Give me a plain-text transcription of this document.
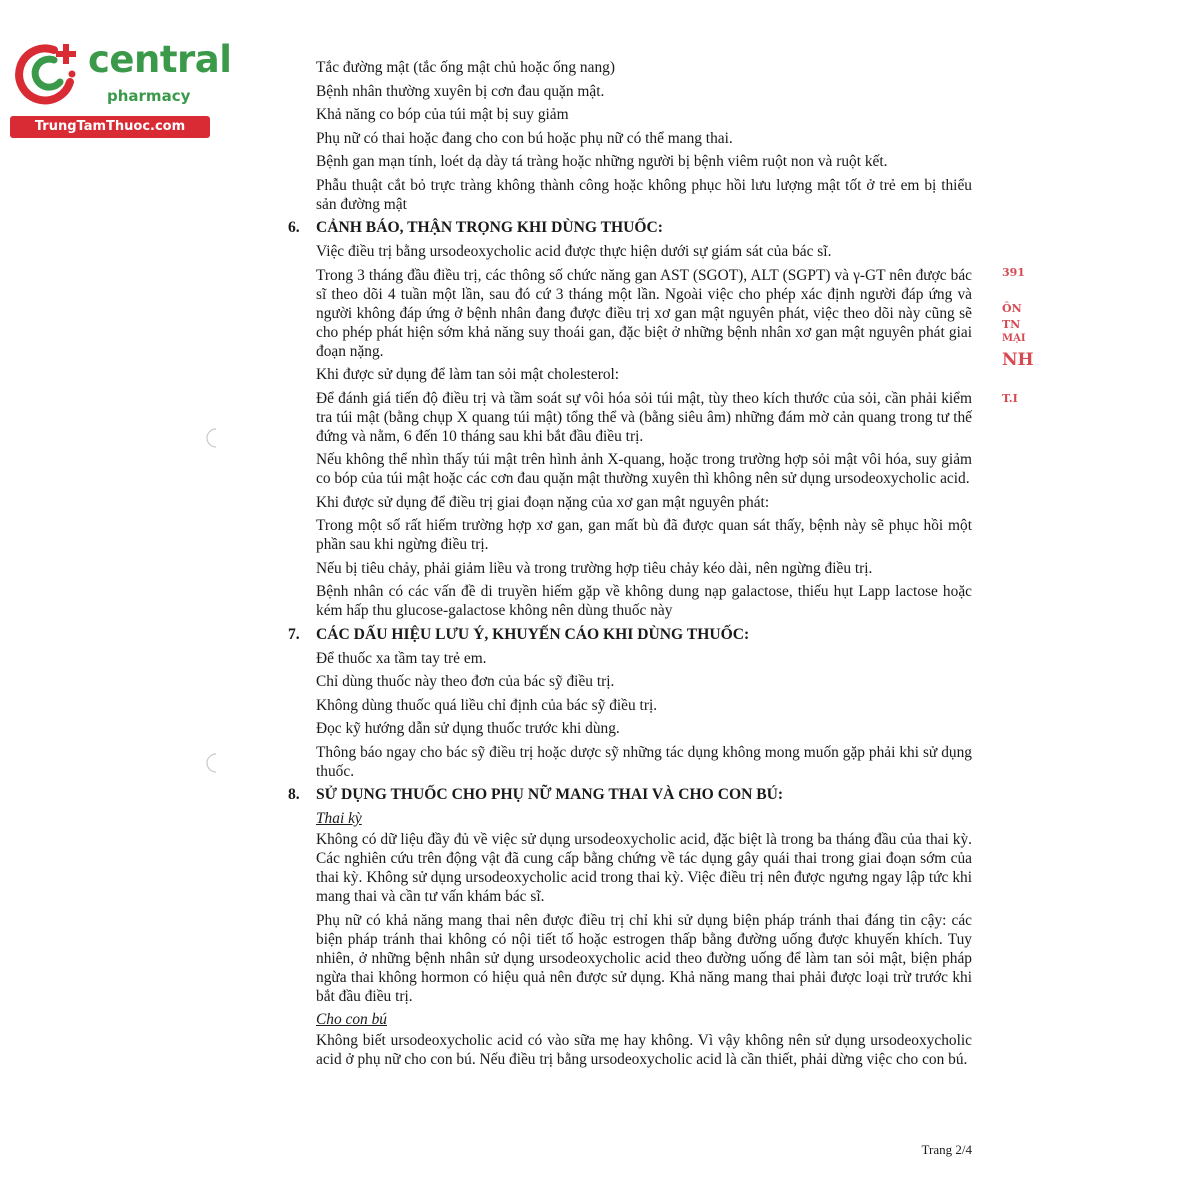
central
pharmacy
TrungTamThuoc.com
391
ÔN
TN
MẠI
NH
T.I

Tắc đường mật (tắc ống mật chủ hoặc ống nang)

Bệnh nhân thường xuyên bị cơn đau quặn mật.

Khả năng co bóp của túi mật bị suy giảm

Phụ nữ có thai hoặc đang cho con bú hoặc phụ nữ có thể mang thai.

Bệnh gan mạn tính, loét dạ dày tá tràng hoặc những người bị bệnh viêm ruột non và ruột kết.

Phẫu thuật cắt bỏ trực tràng không thành công hoặc không phục hồi lưu lượng mật tốt ở trẻ em bị thiểu sản đường mật

6.	CẢNH BÁO, THẬN TRỌNG KHI DÙNG THUỐC:

Việc điều trị bằng ursodeoxycholic acid được thực hiện dưới sự giám sát của bác sĩ.

Trong 3 tháng đầu điều trị, các thông số chức năng gan AST (SGOT), ALT (SGPT) và γ-GT nên được bác sĩ theo dõi 4 tuần một lần, sau đó cứ 3 tháng một lần. Ngoài việc cho phép xác định người đáp ứng và người không đáp ứng ở bệnh nhân đang được điều trị xơ gan mật nguyên phát, việc theo dõi này cũng sẽ cho phép phát hiện sớm khả năng suy thoái gan, đặc biệt ở những bệnh nhân xơ gan mật nguyên phát giai đoạn nặng.

Khi được sử dụng để làm tan sỏi mật cholesterol:

Để đánh giá tiến độ điều trị và tầm soát sự vôi hóa sỏi túi mật, tùy theo kích thước của sỏi, cần phải kiểm tra túi mật (bằng chụp X quang túi mật) tổng thể và (bằng siêu âm) những đám mờ cản quang trong tư thế đứng và nằm, 6 đến 10 tháng sau khi bắt đầu điều trị.

Nếu không thể nhìn thấy túi mật trên hình ảnh X-quang, hoặc trong trường hợp sỏi mật vôi hóa, suy giảm co bóp của túi mật hoặc các cơn đau quặn mật thường xuyên thì không nên sử dụng ursodeoxycholic acid.

Khi được sử dụng để điều trị giai đoạn nặng của xơ gan mật nguyên phát:

Trong một số rất hiếm trường hợp xơ gan, gan mất bù đã được quan sát thấy, bệnh này sẽ phục hồi một phần sau khi ngừng điều trị.

Nếu bị tiêu chảy, phải giảm liều và trong trường hợp tiêu chảy kéo dài, nên ngừng điều trị.

Bệnh nhân có các vấn đề di truyền hiếm gặp về không dung nạp galactose, thiếu hụt Lapp lactose hoặc kém hấp thu glucose-galactose không nên dùng thuốc này

7.	CÁC DẤU HIỆU LƯU Ý, KHUYẾN CÁO KHI DÙNG THUỐC:

Để thuốc xa tầm tay trẻ em.

Chỉ dùng thuốc này theo đơn của bác sỹ điều trị.

Không dùng thuốc quá liều chỉ định của bác sỹ điều trị.

Đọc kỹ hướng dẫn sử dụng thuốc trước khi dùng.

Thông báo ngay cho bác sỹ điều trị hoặc dược sỹ những tác dụng không mong muốn gặp phải khi sử dụng thuốc.

8.	SỬ DỤNG THUỐC CHO PHỤ NỮ MANG THAI VÀ CHO CON BÚ:
Thai kỳ

Không có dữ liệu đầy đủ về việc sử dụng ursodeoxycholic acid, đặc biệt là trong ba tháng đầu của thai kỳ. Các nghiên cứu trên động vật đã cung cấp bằng chứng về tác dụng gây quái thai trong giai đoạn sớm của thai kỳ. Không sử dụng ursodeoxycholic acid trong thai kỳ. Việc điều trị nên được ngưng ngay lập tức khi mang thai và cần tư vấn khám bác sĩ.

Phụ nữ có khả năng mang thai nên được điều trị chỉ khi sử dụng biện pháp tránh thai đáng tin cậy: các biện pháp tránh thai không có nội tiết tố hoặc estrogen thấp bằng đường uống được khuyến khích. Tuy nhiên, ở những bệnh nhân sử dụng ursodeoxycholic acid theo đường uống để làm tan sỏi mật, biện pháp ngừa thai không hormon có hiệu quả nên được sử dụng. Khả năng mang thai phải được loại trừ trước khi bắt đầu điều trị.

Cho con bú

Không biết ursodeoxycholic acid có vào sữa mẹ hay không. Vì vậy không nên sử dụng ursodeoxycholic acid ở phụ nữ cho con bú. Nếu điều trị bằng ursodeoxycholic acid là cần thiết, phải dừng việc cho con bú.

Trang 2/4
